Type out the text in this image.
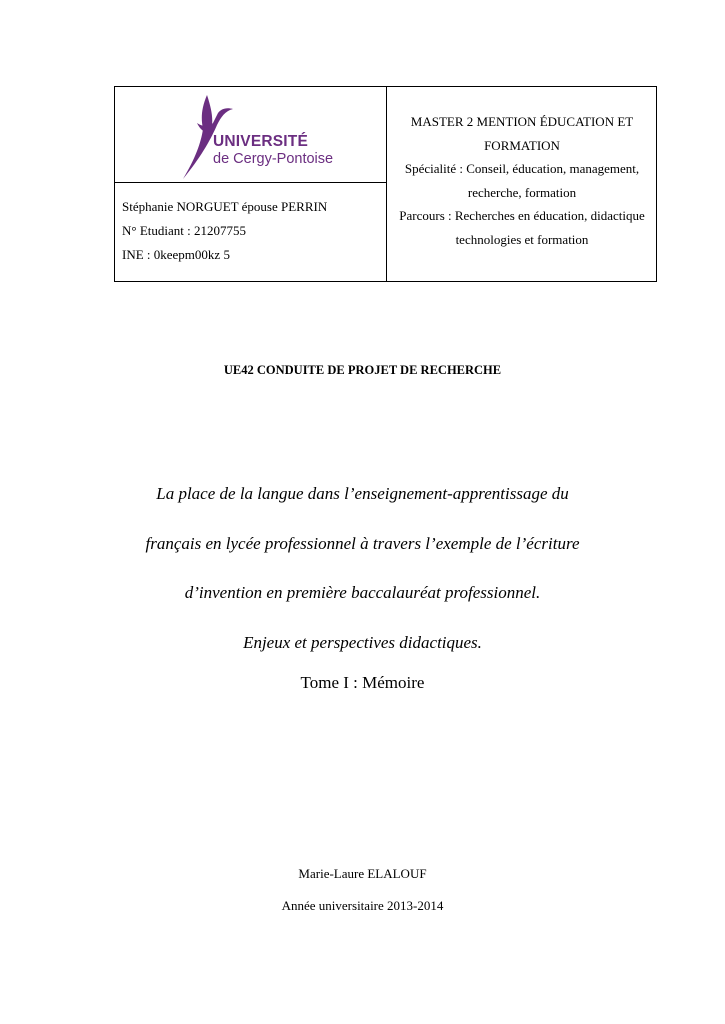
UNIVERSITÉ
de Cergy-Pontoise
Stéphanie NORGUET épouse PERRIN
N° Etudiant : 21207755
INE : 0keepm00kz 5
MASTER 2 MENTION ÉDUCATION ET
FORMATION
Spécialité : Conseil, éducation, management,
recherche, formation
Parcours : Recherches en éducation, didactique
technologies et formation
UE42 CONDUITE DE PROJET DE RECHERCHE
La place de la langue dans l’enseignement-apprentissage du
français en lycée professionnel à travers l’exemple de l’écriture
d’invention en première baccalauréat professionnel.
Enjeux et perspectives didactiques.
Tome I : Mémoire
Marie-Laure ELALOUF
Année universitaire 2013-2014
